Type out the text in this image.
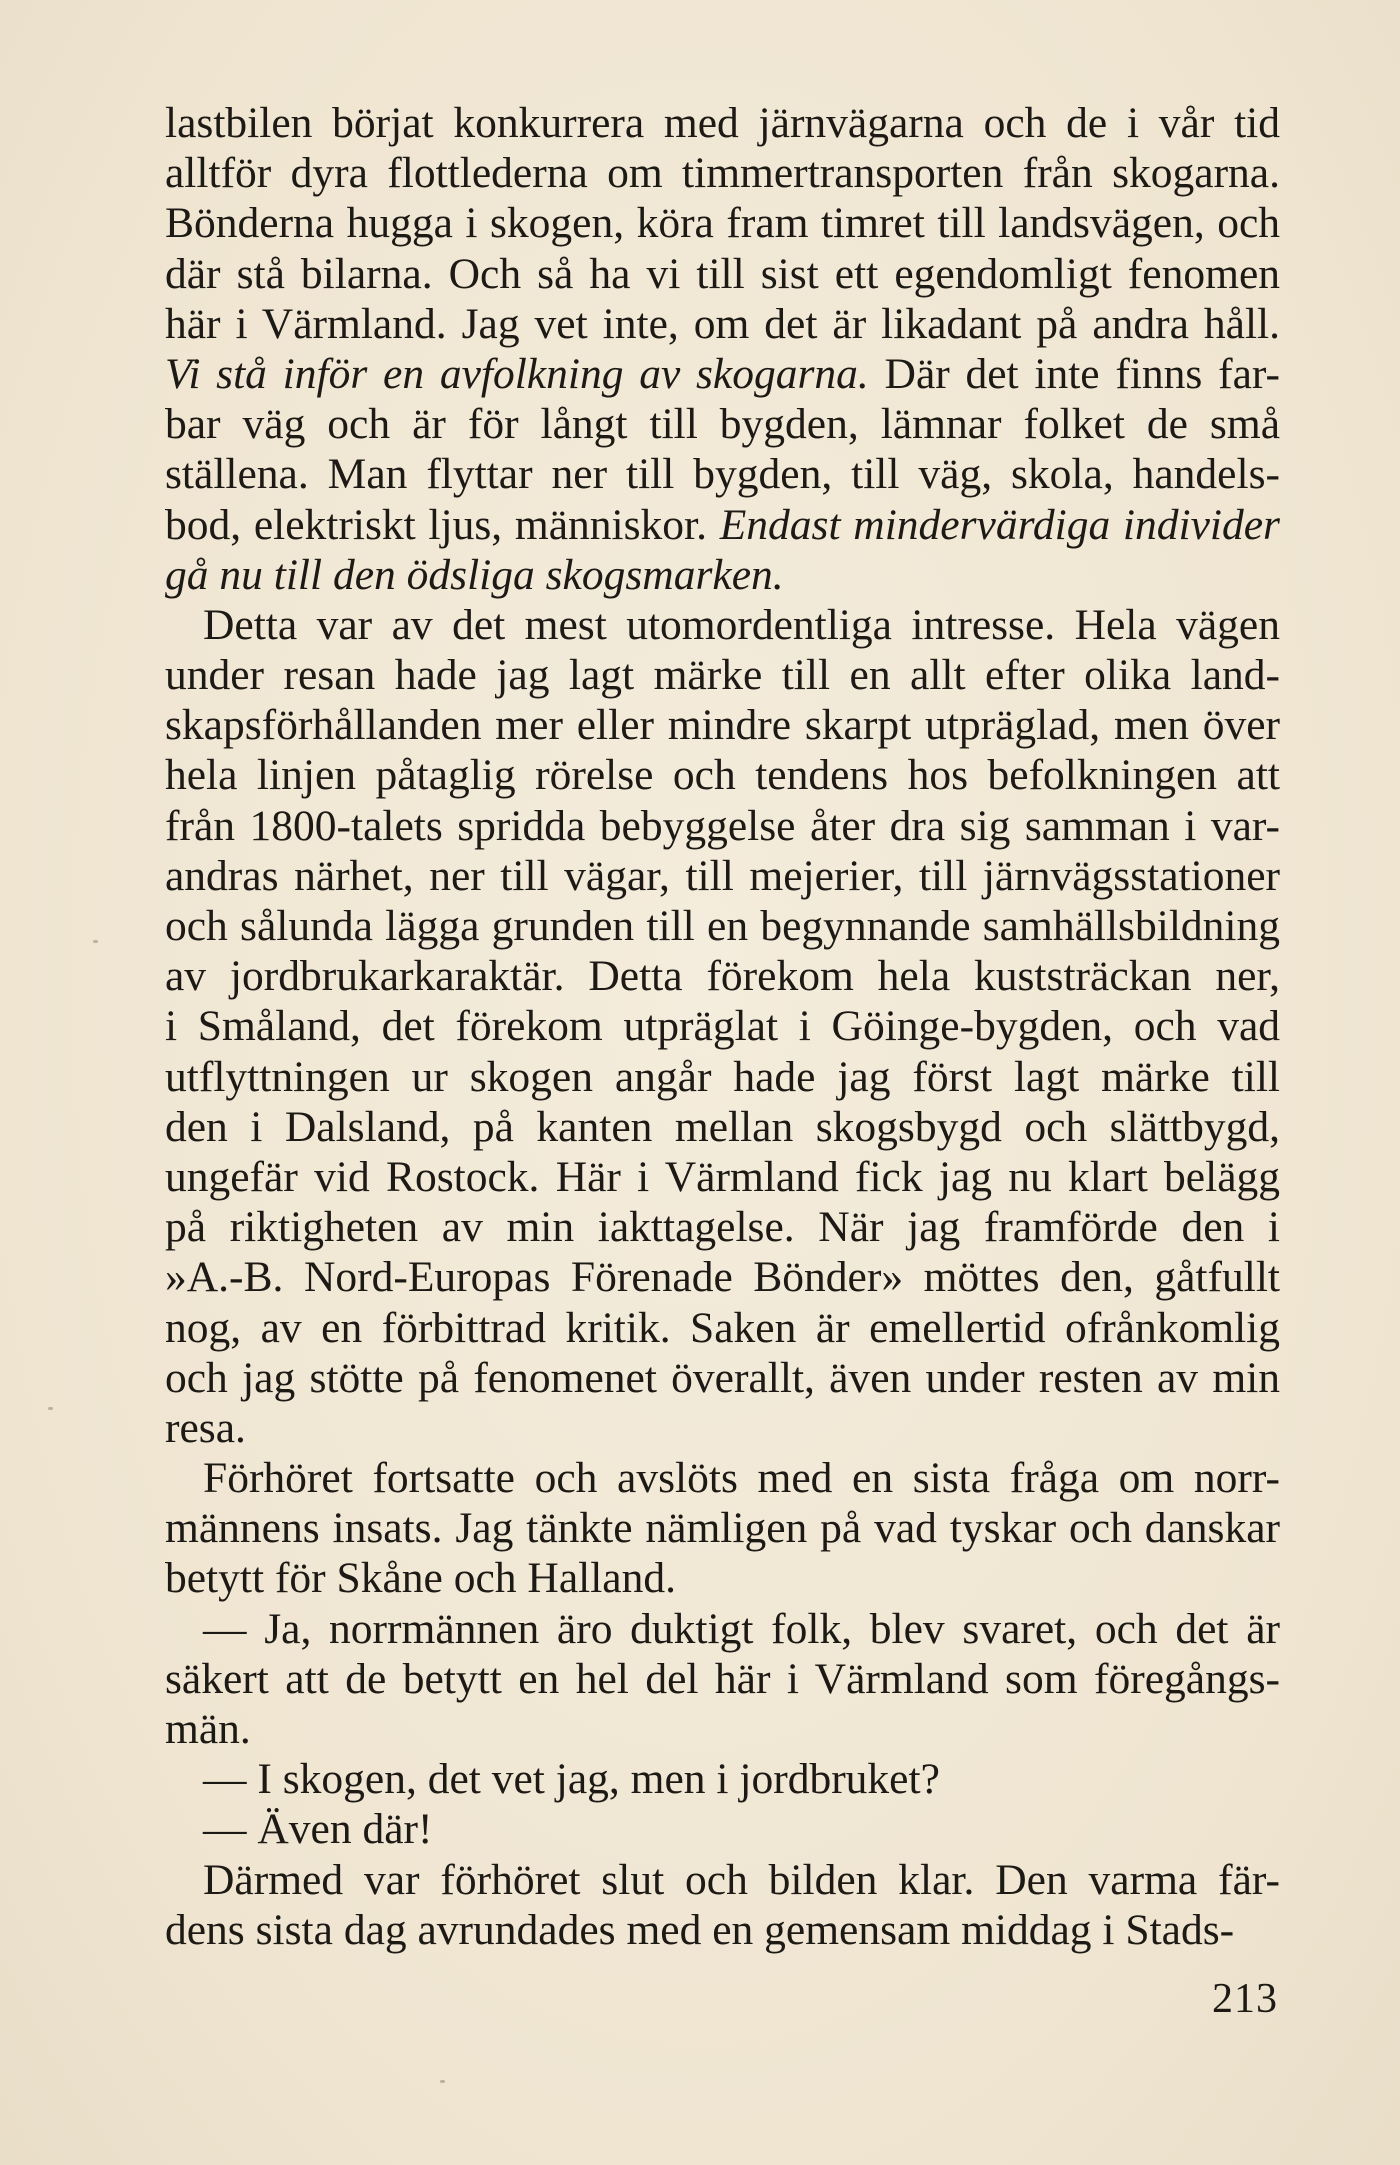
lastbilen börjat konkurrera med järnvägarna och de i vår tid
alltför dyra flottlederna om timmertransporten från skogarna.
Bönderna hugga i skogen, köra fram timret till landsvägen, och
där stå bilarna. Och så ha vi till sist ett egendomligt fenomen
här i Värmland. Jag vet inte, om det är likadant på andra håll.
Vi stå inför en avfolkning av skogarna. Där det inte finns far-
bar väg och är för långt till bygden, lämnar folket de små
ställena. Man flyttar ner till bygden, till väg, skola, handels-
bod, elektriskt ljus, människor. Endast mindervärdiga individer
gå nu till den ödsliga skogsmarken.
Detta var av det mest utomordentliga intresse. Hela vägen
under resan hade jag lagt märke till en allt efter olika land-
skapsförhållanden mer eller mindre skarpt utpräglad, men över
hela linjen påtaglig rörelse och tendens hos befolkningen att
från 1800-talets spridda bebyggelse åter dra sig samman i var-
andras närhet, ner till vägar, till mejerier, till järnvägsstationer
och sålunda lägga grunden till en begynnande samhällsbildning
av jordbrukarkaraktär. Detta förekom hela kuststräckan ner,
i Småland, det förekom utpräglat i Göinge-bygden, och vad
utflyttningen ur skogen angår hade jag först lagt märke till
den i Dalsland, på kanten mellan skogsbygd och slättbygd,
ungefär vid Rostock. Här i Värmland fick jag nu klart belägg
på riktigheten av min iakttagelse. När jag framförde den i
»A.-B. Nord-Europas Förenade Bönder» möttes den, gåtfullt
nog, av en förbittrad kritik. Saken är emellertid ofrånkomlig
och jag stötte på fenomenet överallt, även under resten av min
resa.
Förhöret fortsatte och avslöts med en sista fråga om norr-
männens insats. Jag tänkte nämligen på vad tyskar och danskar
betytt för Skåne och Halland.
— Ja, norrmännen äro duktigt folk, blev svaret, och det är
säkert att de betytt en hel del här i Värmland som föregångs-
män.
— I skogen, det vet jag, men i jordbruket?
— Även där!
Därmed var förhöret slut och bilden klar. Den varma fär-
dens sista dag avrundades med en gemensam middag i Stads-
213
